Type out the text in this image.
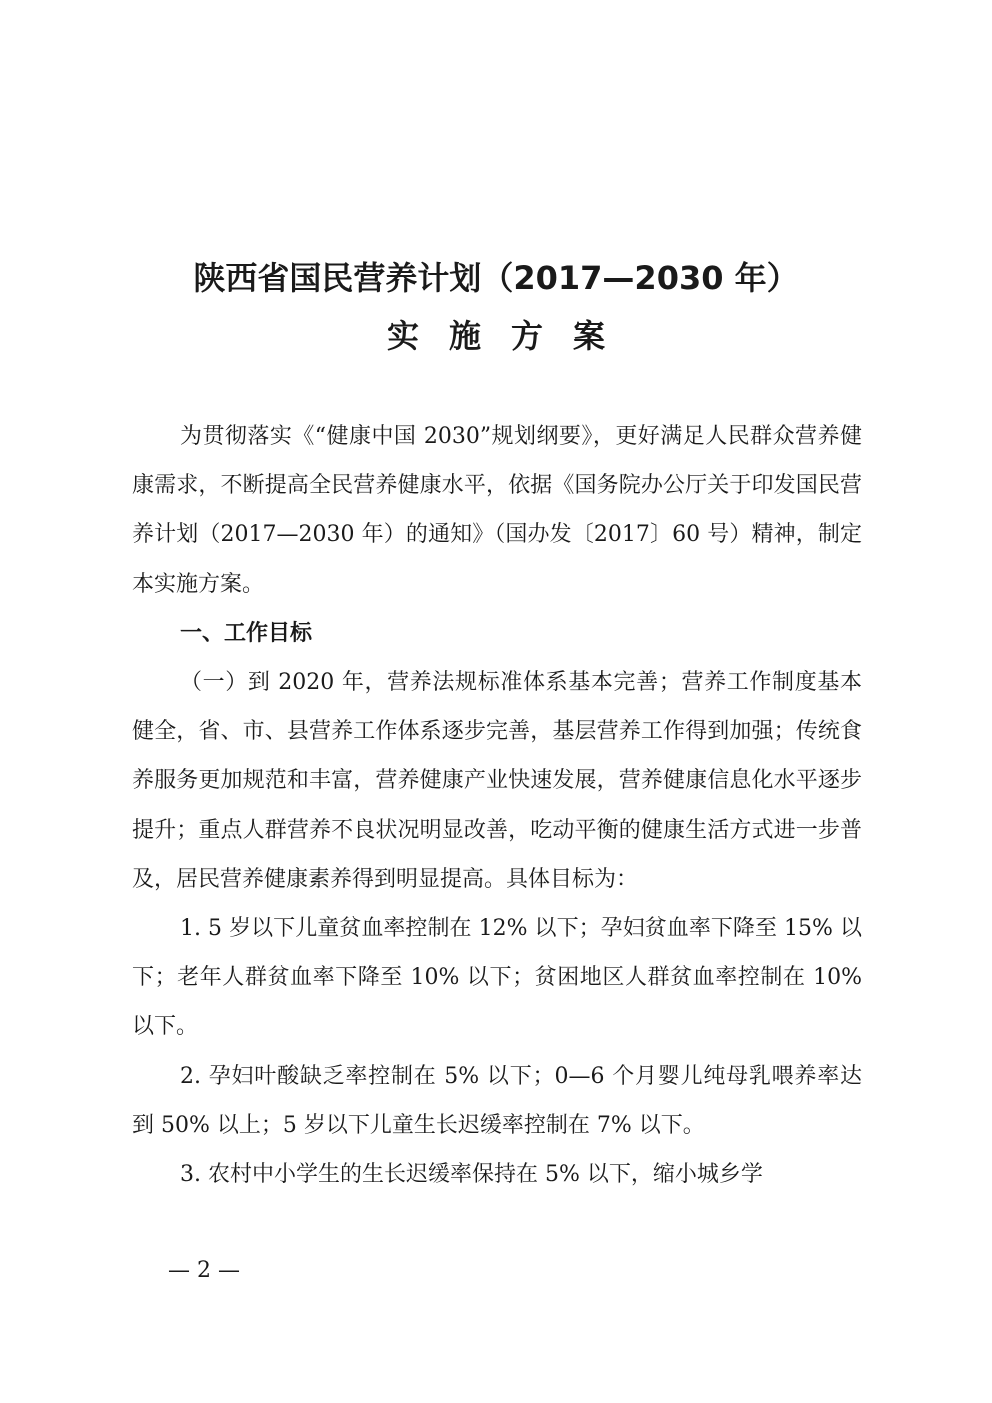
陕西省国民营养计划（2017—2030 年）
实施方案

为贯彻落实《“健康中国 2030”规划纲要》，更好满足人民群众营养健康需求，不断提高全民营养健康水平，依据《国务院办公厅关于印发国民营养计划（2017—2030 年）的通知》（国办发〔2017〕60 号）精神，制定本实施方案。

一、工作目标

（一）到 2020 年，营养法规标准体系基本完善；营养工作制度基本健全，省、市、县营养工作体系逐步完善，基层营养工作得到加强；传统食养服务更加规范和丰富，营养健康产业快速发展，营养健康信息化水平逐步提升；重点人群营养不良状况明显改善，吃动平衡的健康生活方式进一步普及，居民营养健康素养得到明显提高。具体目标为：

1. 5 岁以下儿童贫血率控制在 12% 以下；孕妇贫血率下降至 15% 以下；老年人群贫血率下降至 10% 以下；贫困地区人群贫血率控制在 10% 以下。

2. 孕妇叶酸缺乏率控制在 5% 以下；0—6 个月婴儿纯母乳喂养率达到 50% 以上；5 岁以下儿童生长迟缓率控制在 7% 以下。

3. 农村中小学生的生长迟缓率保持在 5% 以下，缩小城乡学

— 2 —
